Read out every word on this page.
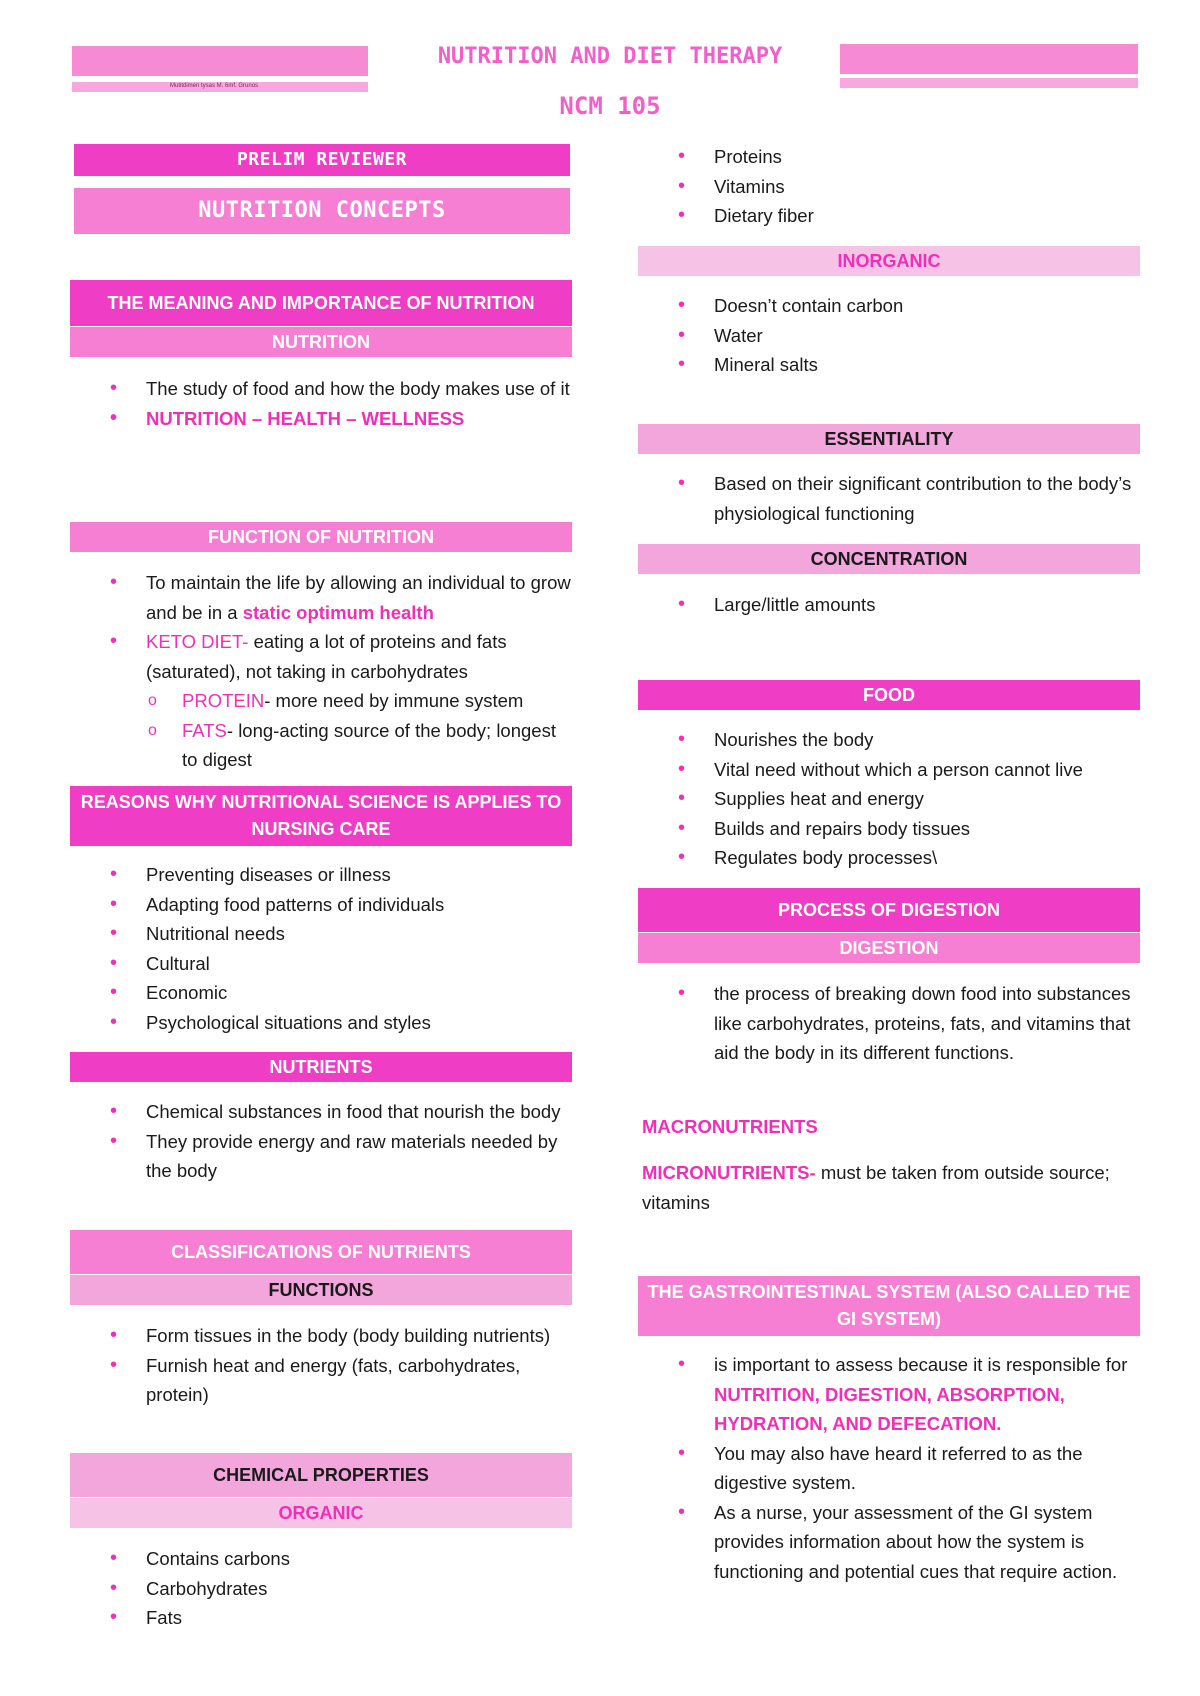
Mutitdimen tysas M. 6mf. Grunos
NUTRITION AND DIET THERAPY
NCM 105
PRELIM REVIEWER
NUTRITION CONCEPTS
THE MEANING AND IMPORTANCE OF NUTRITION
NUTRITION
• The study of food and how the body makes use of it
• NUTRITION – HEALTH – WELLNESS
FUNCTION OF NUTRITION
• To maintain the life by allowing an individual to grow and be in a static optimum health
• KETO DIET- eating a lot of proteins and fats (saturated), not taking in carbohydrates
o PROTEIN- more need by immune system
o FATS- long-acting source of the body; longest to digest
REASONS WHY NUTRITIONAL SCIENCE IS APPLIES TO NURSING CARE
• Preventing diseases or illness
• Adapting food patterns of individuals
• Nutritional needs
• Cultural
• Economic
• Psychological situations and styles
NUTRIENTS
• Chemical substances in food that nourish the body
• They provide energy and raw materials needed by the body
CLASSIFICATIONS OF NUTRIENTS
FUNCTIONS
• Form tissues in the body (body building nutrients)
• Furnish heat and energy (fats, carbohydrates, protein)
CHEMICAL PROPERTIES
ORGANIC
• Contains carbons
• Carbohydrates
• Fats
• Proteins
• Vitamins
• Dietary fiber
INORGANIC
• Doesn’t contain carbon
• Water
• Mineral salts
ESSENTIALITY
• Based on their significant contribution to the body’s physiological functioning
CONCENTRATION
• Large/little amounts
FOOD
• Nourishes the body
• Vital need without which a person cannot live
• Supplies heat and energy
• Builds and repairs body tissues
• Regulates body processes\
PROCESS OF DIGESTION
DIGESTION
• the process of breaking down food into substances like carbohydrates, proteins, fats, and vitamins that aid the body in its different functions.
MACRONUTRIENTS
MICRONUTRIENTS- must be taken from outside source; vitamins
THE GASTROINTESTINAL SYSTEM (ALSO CALLED THE GI SYSTEM)
• is important to assess because it is responsible for NUTRITION, DIGESTION, ABSORPTION, HYDRATION, AND DEFECATION.
• You may also have heard it referred to as the digestive system.
• As a nurse, your assessment of the GI system provides information about how the system is functioning and potential cues that require action.
